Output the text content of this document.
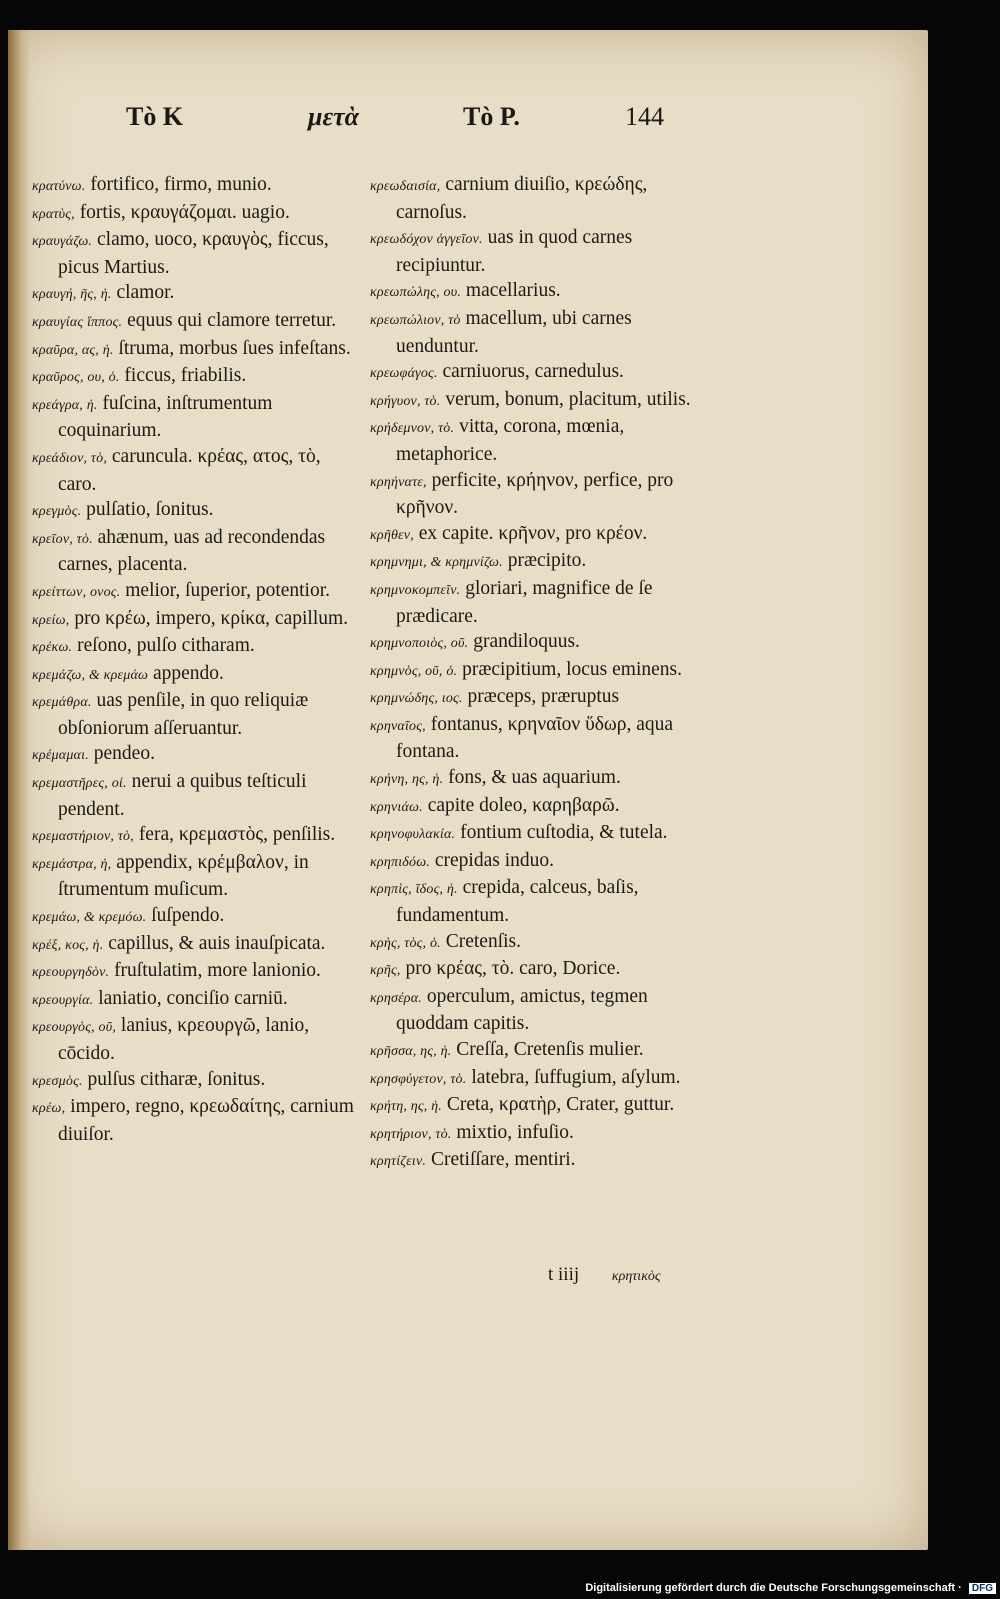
Tò K	μετὰ	Tò P.	144

κρατύνω. fortifico, firmo, munio.

κρατὺς, fortis, κραυγάζομαι. uagio.

κραυγάζω. clamo, uoco, κραυγὸς, ficcus, picus Martius.

κραυγή, ῆς, ἡ. clamor.

κραυγίας ἵππος. equus qui clamore terretur.

κραῦρα, ας, ἡ. ſtruma, morbus ſues infeſtans.

κραῦρος, ου, ὁ. ficcus, friabilis.

κρεάγρα, ἡ. fuſcina, inſtrumentum coquinarium.

κρεάδιον, τὸ, caruncula. κρέας, ατος, τὸ, caro.

κρεγμὸς. pulſatio, ſonitus.

κρεῖον, τὸ. ahænum, uas ad recondendas carnes, placenta.

κρείττων, ονος. melior, ſuperior, potentior.

κρείω, pro κρέω, impero, κρίκα, capillum.

κρέκω. reſono, pulſo citharam.

κρεμάζω, & κρεμάω appendo.

κρεμάθρα. uas penſile, in quo reliquiæ obſoniorum aſſeruantur.

κρέμαμαι. pendeo.

κρεμαστῆρες, οἱ. nerui a quibus teſticuli pendent.

κρεμαστήριον, τὸ, fera, κρεμαστὸς, penſilis.

κρεμάστρα, ἡ, appendix, κρέμβαλον, in ſtrumentum muſicum.

κρεμάω, & κρεμόω. ſuſpendo.

κρέξ, κος, ἡ. capillus, & auis inauſpicata.

κρεουργηδὸν. fruſtulatim, more lanionio.

κρεουργία. laniatio, conciſio carniū.

κρεουργὸς, οῦ, lanius, κρεουργῶ, lanio, cōcido.

κρεσμὸς. pulſus citharæ, ſonitus.

κρέω, impero, regno, κρεωδαίτης, carnium diuiſor.

κρεωδαισία, carnium diuiſio, κρεώδης, carnoſus.

κρεωδόχον ἀγγεῖον. uas in quod carnes recipiuntur.

κρεωπώλης, ου. macellarius.

κρεωπώλιον, τὸ macellum, ubi carnes uenduntur.

κρεωφάγος. carniuorus, carnedulus.

κρήγυον, τὸ. verum, bonum, placitum, utilis.

κρήδεμνον, τὸ. vitta, corona, mœnia, metaphorice.

κρηήνατε, perficite, κρήηνον, perfice, pro κρῆνον.

κρῆθεν, ex capite. κρῆνον, pro κρέον.

κρημνημι, & κρημνίζω. præcipito.

κρημνοκομπεῖν. gloriari, magnifice de ſe prædicare.

κρημνοποιὸς, οῦ. grandiloquus.

κρημνὸς, οῦ, ὁ. præcipitium, locus eminens.

κρημνώδης, ιος. præceps, præruptus

κρηναῖος, fontanus, κρηναῖον ὕδωρ, aqua fontana.

κρήνη, ης, ἡ. fons, & uas aquarium.

κρηνιάω. capite doleo, καρηβαρῶ.

κρηνοφυλακία. fontium cuſtodia, & tutela.

κρηπιδόω. crepidas induo.

κρηπὶς, ῖδος, ἡ. crepida, calceus, baſis, fundamentum.

κρὴς, τὸς, ὁ. Cretenſis.

κρῆς, pro κρέας, τὸ. caro, Dorice.

κρησέρα. operculum, amictus, tegmen quoddam capitis.

κρῆσσα, ης, ἡ. Creſſa, Cretenſis mulier.

κρησφύγετον, τὸ. latebra, ſuffugium, aſylum.

κρήτη, ης, ἡ. Creta, κρατὴρ, Crater, guttur.

κρητήριον, τὸ. mixtio, infuſio.

κρητίζειν. Cretiſſare, mentiri.

t iiij κρητικὸς
Digitalisierung gefördert durch die Deutsche Forschungsgemeinschaft · DFG
